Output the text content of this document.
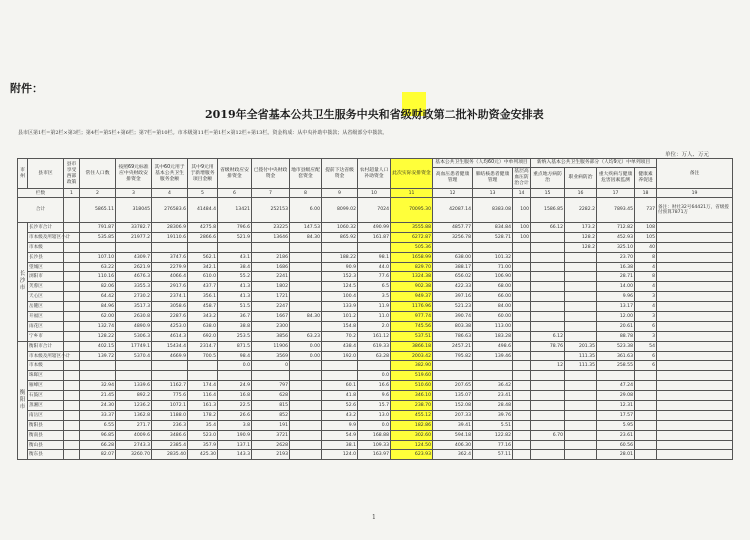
附件：
2019年全省基本公共卫生服务中央和省级财政第二批补助资金安排表
县市区第1栏=第2栏×第3栏；第4栏=第5栏+第6栏；第7栏=第10栏。市本级第11栏=第1栏×第12栏+第13栏。资金构成：从中央补助中拨款；从省级部分中拨款。
单位：万人、万元
市州	县市区	县市享受西部政策	常住人口数	按照69元标准应中央财政安排资金	其中60元用于基本公共卫生服务金额	其中9元用于新增服务项目金额	省级财政应安排资金	已拨付中央财政资金	地市县级应配套资金	提前下达省级资金	农村超量人口补助资金	此次实际安排资金	基本公共卫生服务（人均60元）中单列项目			新纳入基本公共卫生服务部分（人均9元）中单列项目				备注	
													高血压患者健康管理	肺结核患者健康管理	基层高血压防治合计	重点地方病防治	职业病防治	重大疾病与健康危害因素监测	健康素养促进		
栏数		1	2	3	4	5	6	7	8	9	10	11	12	13	14	15	16	17	18	19	
合计			5865.11	318045	276583.6	41484.4	13421	252153	6.00	8099.02	7024	70095.30	42087.14	8383.08	100	1586.85	2282.2	7893.45	737	备注：财社32号64421万，省级拨付预算7871万	
长沙市	长沙市合计		791.87	33782.7	28306.9	4275.8	796.6	23225	147.53	1060.32	490.99	3555.88	4857.77	834.84	100	66.12	173.2	712.82	108		
	市本级及所辖区小计		535.85	21977.2	19110.6	2866.6	521.9	13646	84.30	865.92	161.87	6272.87	3256.78	528.71	100		128.2	452.93	105		
	市本级											505.36					128.2	325.10	40		
	长沙县		107.10	4309.7	3747.6	562.1	43.1	2186		188.22	98.1	1658.99	638.00	101.32				23.70	8		
	望城区		63.22	2621.9	2279.9	342.1	38.4	1686		90.9	44.0	829.70	388.17	71.00				16.38	4		
	浏阳市		110.16	4676.3	4066.4	610.0	55.2	2241		152.3	77.6	1324.38	656.02	106.90				28.71	8		
	芙蓉区		82.06	3355.3	2917.6	437.7	41.3	1802		124.5	6.5	902.38	422.33	68.00				14.00	4		
	天心区		64.42	2730.2	2374.1	356.1	41.3	1721		100.4	3.5	949.37	397.16	66.00				9.96	3		
	岳麓区		84.96	3517.3	3058.6	458.7	51.5	2247		133.9	11.9	1176.96	521.23	84.00				13.17	4		
	开福区		62.00	2630.8	2287.6	343.2	36.7	1667	84.30	101.2	11.0	977.74	390.74	60.00				12.00	3		
	雨花区		132.74	4890.9	4253.0	638.0	38.8	2300		154.8	2.0	745.56	803.38	113.00				20.61	6		
	宁乡市		128.22	5306.3	4614.3	692.0	253.5	3856	63.23	70.2	161.12	537.51	786.63	183.28		6.12		88.78	3		
衡阳市	衡阳市合计		402.15	17749.1	15434.4	2314.7	871.5	11906	0.00	438.4	619.33	3866.18	2457.21	498.6		78.76	201.35	523.38	54		
	市本级及所辖区小计		139.72	5370.4	4669.9	700.5	98.4	3569	0.00	192.0	63.28	2003.42	795.82	139.46			111.35	361.63	6		
	市本级						0.0	0				382.90				12	111.35	258.55	6		
	珠晖区										0.0	519.60									
	雁峰区		32.94	1339.6	1162.7	174.4	24.9	797		60.1	16.6	510.60	207.65	36.42				47.24			
	石鼓区		21.45	892.2	775.6	116.4	16.8	628		41.8	9.6	346.10	135.07	23.41				29.08			
	蒸湘区		24.30	1236.2	1072.1	161.3	22.5	815		52.6	15.7	238.70	152.08	28.48				12.31			
	南岳区		33.37	1362.8	1188.0	178.2	26.6	852		43.2	13.0	455.12	207.33	39.76				17.57			
	衡阳县		6.55	271.7	236.3	35.4	3.8	191		9.9	0.0	182.86	39.41	5.51				5.95			
	衡南县		96.85	4009.6	3486.6	523.0	190.9	3721		54.9	168.88	302.60	594.18	122.82		6.70		23.61			
	衡山县		66.28	2743.3	2385.4	357.9	137.1	2628		38.1	109.33	124.50	406.30	77.16				60.56			
	衡东县		82.07	3260.70	2835.40	425.30	143.3	2193		124.0	163.97	623.93	362.4	57.11				28.01			
1
